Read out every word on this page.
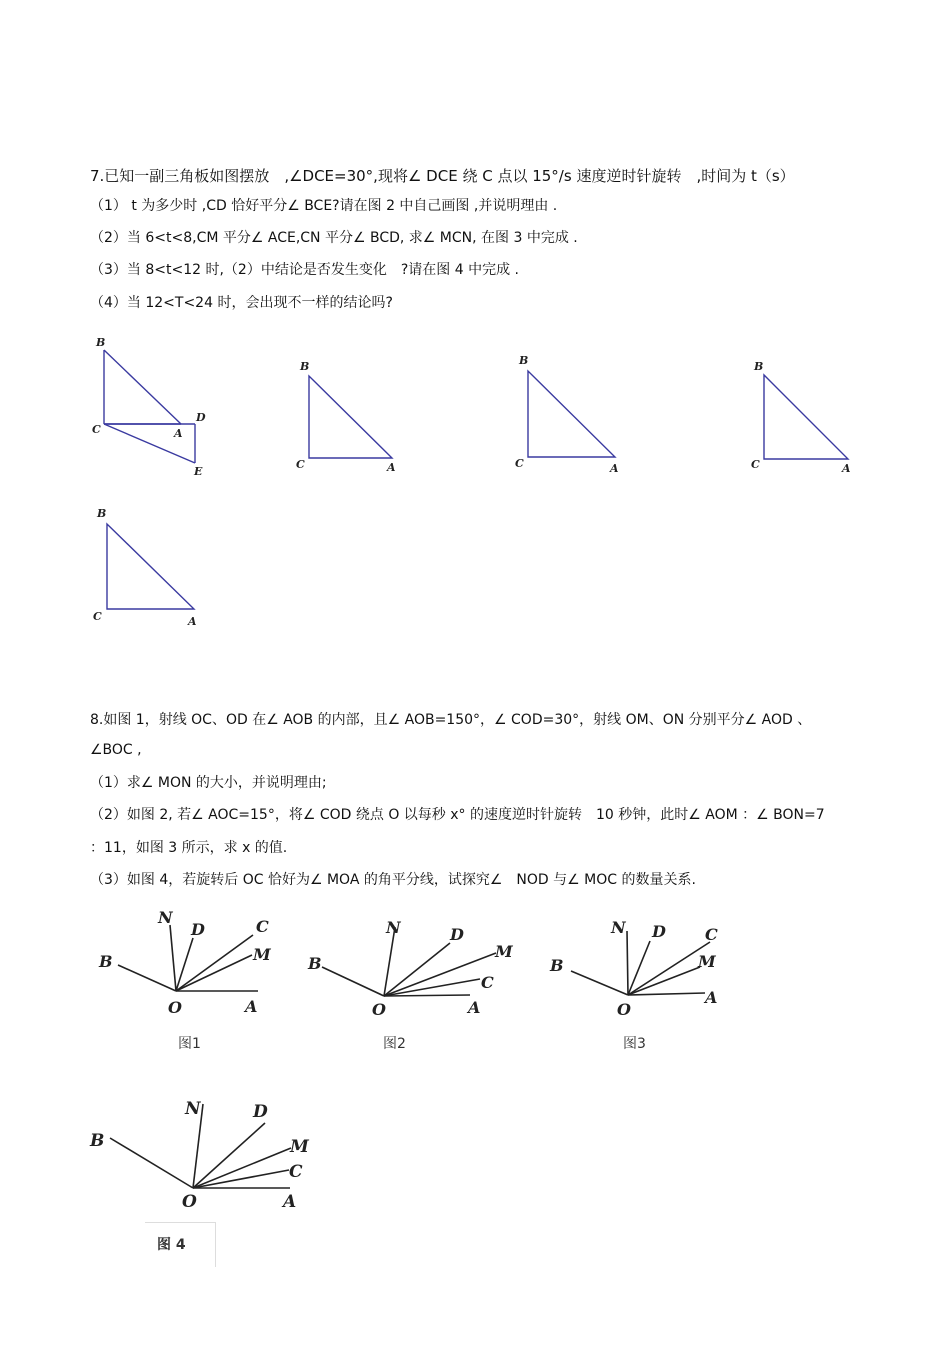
7.已知一副三角板如图摆放　,∠DCE=30°,现将∠ DCE 绕 C 点以 15°/s 速度逆时针旋转　,时间为 t（s）
（1） t 为多少时 ,CD 恰好平分∠ BCE?请在图 2 中自己画图 ,并说明理由 .
（2）当 6<t<8,CM 平分∠ ACE,CN 平分∠ BCD, 求∠ MCN, 在图 3 中完成 .
（3）当 8<t<12 时,（2）中结论是否发生变化　?请在图 4 中完成 .
（4）当 12<T<24 时，会出现不一样的结论吗?
B
C	A
D
E
B
C	A
B
C	A
B
C	A
B
C	A
8.如图 1，射线 OC、OD 在∠ AOB 的内部，且∠ AOB=150°，∠ COD=30°，射线 OM、ON 分别平分∠ AOD 、
∠BOC ,
（1）求∠ MON 的大小，并说明理由;
（2）如图 2, 若∠ AOC=15°，将∠ COD 绕点 O 以每秒 x° 的速度逆时针旋转　10 秒钟，此时∠ AOM ：∠ BON=7
：11，如图 3 所示，求 x 的值.
（3）如图 4，若旋转后 OC 恰好为∠ MOA 的角平分线，试探究∠　NOD 与∠ MOC 的数量关系.
N
D	C
M
B
O	A
N	D
M
C
B
O	A
N D C
M
B
O
A
图1	图2	图3
N	D
M
C
B
O	A
图 4
